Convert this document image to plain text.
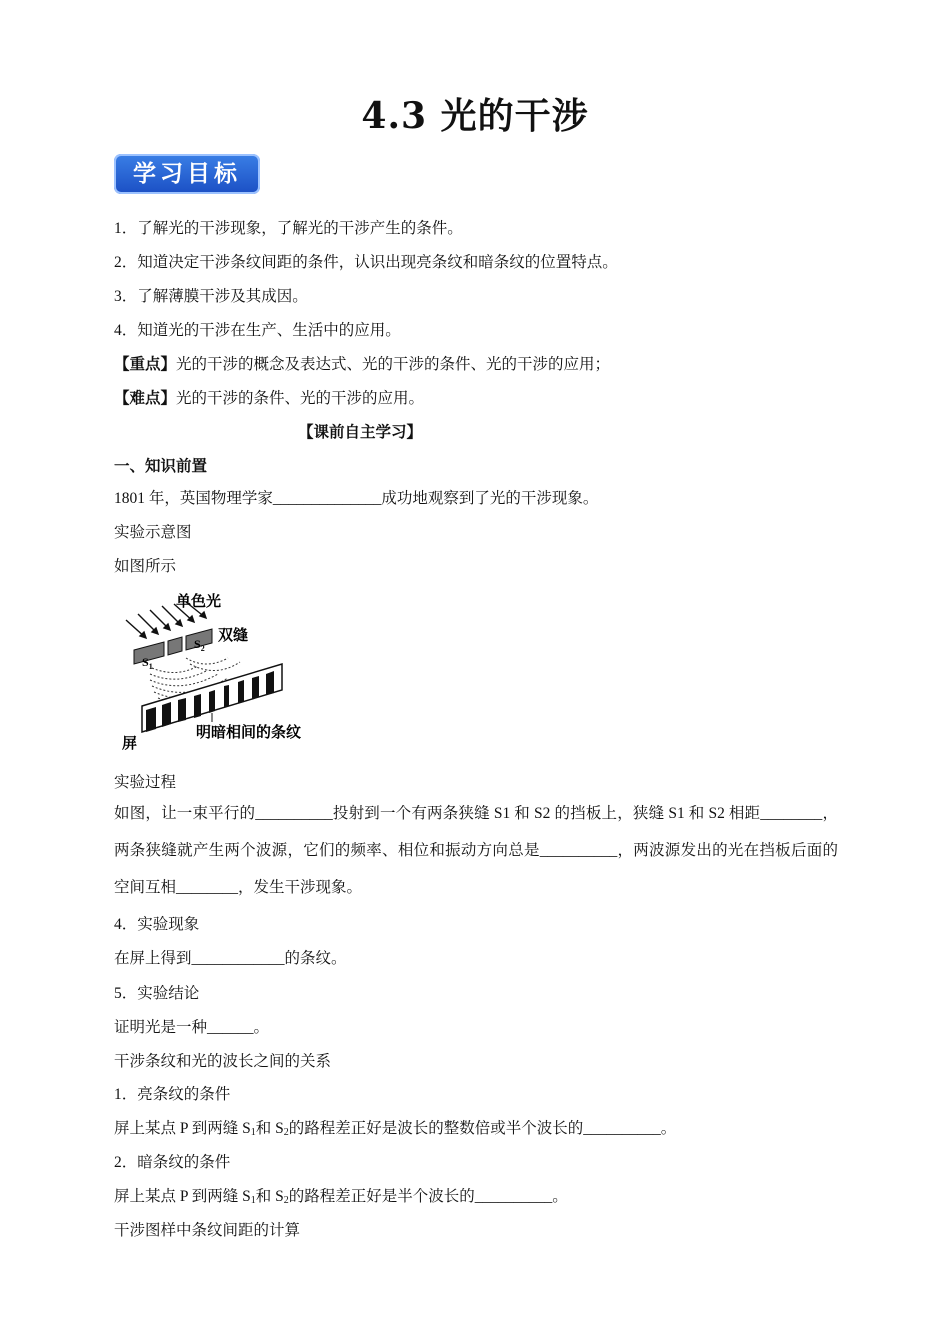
4.3 光的干涉
学习目标
1．了解光的干涉现象，了解光的干涉产生的条件。
2．知道决定干涉条纹间距的条件，认识出现亮条纹和暗条纹的位置特点。
3．了解薄膜干涉及其成因。
4．知道光的干涉在生产、生活中的应用。
【重点】光的干涉的概念及表达式、光的干涉的条件、光的干涉的应用；
【难点】光的干涉的条件、光的干涉的应用。
【课前自主学习】
一、知识前置
1801 年，英国物理学家______________成功地观察到了光的干涉现象。
实验示意图
如图所示
单色光
双缝
$S_1$
$S_2$
屏
明暗相间的条纹
实验过程
如图，让一束平行的__________投射到一个有两条狭缝 S1 和 S2 的挡板上，狭缝 S1 和 S2 相距________，两条狭缝就产生两个波源，它们的频率、相位和振动方向总是__________，两波源发出的光在挡板后面的空间互相________，发生干涉现象。
4．实验现象
在屏上得到____________的条纹。
5．实验结论
证明光是一种______。
干涉条纹和光的波长之间的关系
1．亮条纹的条件
屏上某点 P 到两缝 $S_1$和 $S_2$的路程差正好是波长的整数倍或半个波长的__________。
2．暗条纹的条件
屏上某点 P 到两缝 $S_1$和 $S_2$的路程差正好是半个波长的__________。
干涉图样中条纹间距的计算
